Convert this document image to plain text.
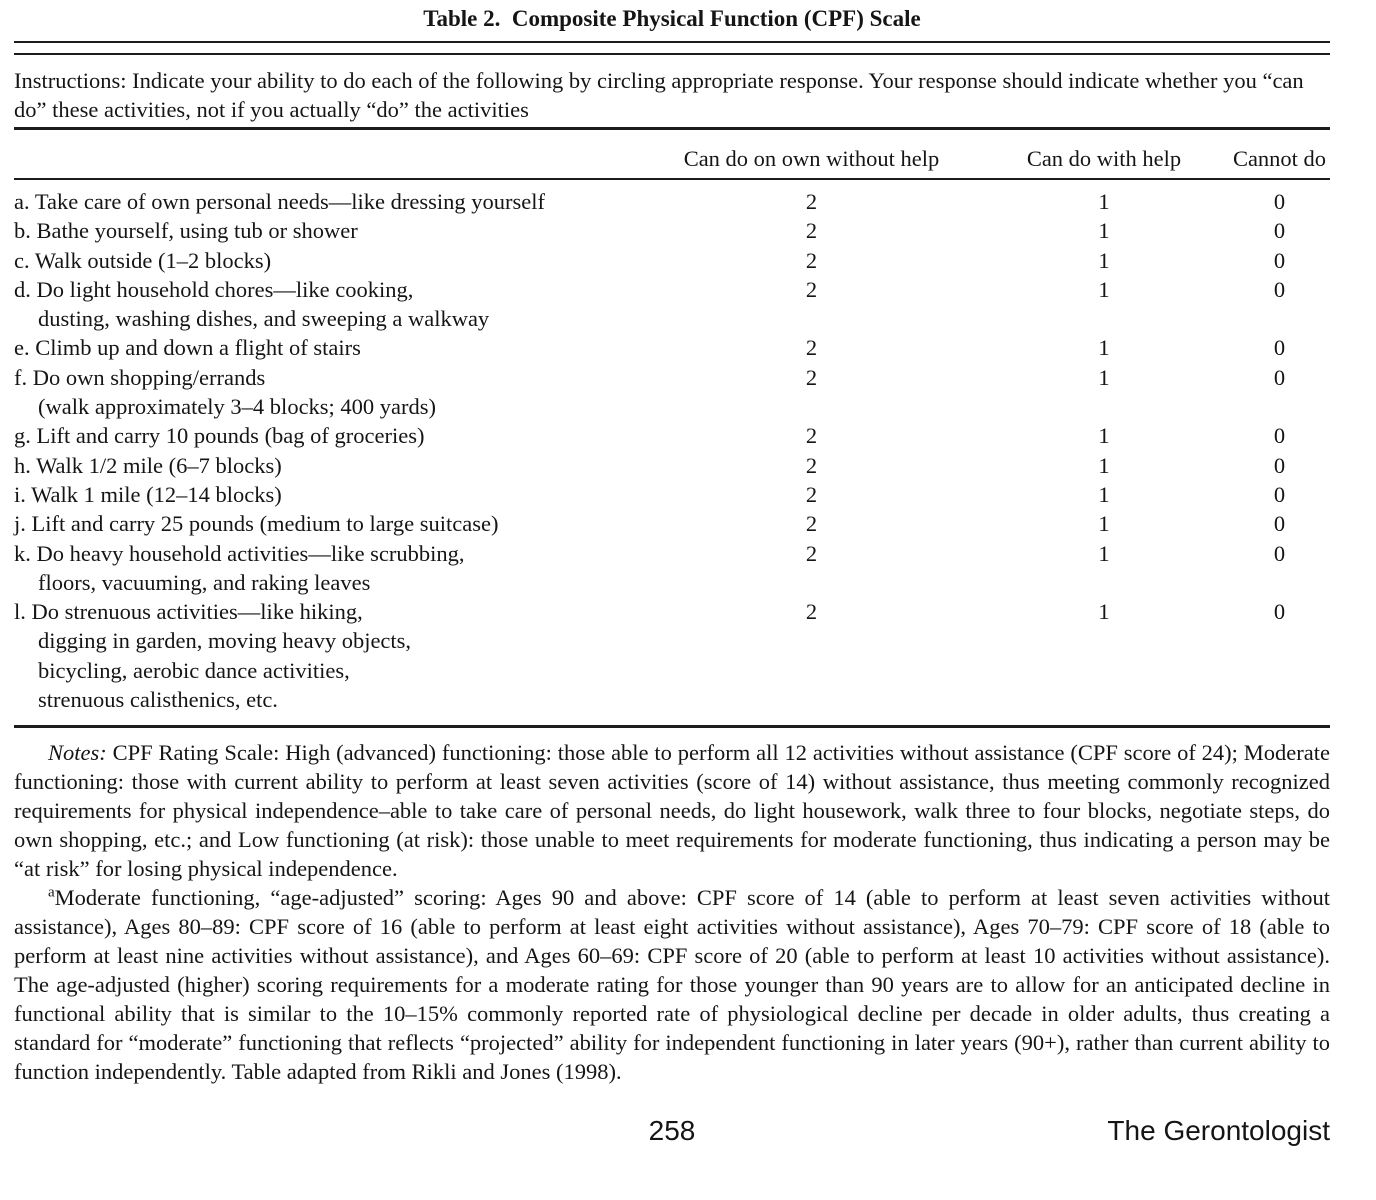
Table 2.  Composite Physical Function (CPF) Scale
Instructions: Indicate your ability to do each of the following by circling appropriate response. Your response should indicate whether you “can do” these activities, not if you actually “do” the activities
Can do on own without help	Can do with help	Cannot do
a. Take care of own personal needs—like dressing yourself	2	1	0
b. Bathe yourself, using tub or shower	2	1	0
c. Walk outside (1–2 blocks)	2	1	0
d. Do light household chores—like cooking,
dusting, washing dishes, and sweeping a walkway
2	1	0
e. Climb up and down a flight of stairs	2	1	0
f. Do own shopping/errands
(walk approximately 3–4 blocks; 400 yards)
2	1	0
g. Lift and carry 10 pounds (bag of groceries)	2	1	0
h. Walk 1/2 mile (6–7 blocks)	2	1	0
i. Walk 1 mile (12–14 blocks)	2	1	0
j. Lift and carry 25 pounds (medium to large suitcase)	2	1	0
k. Do heavy household activities—like scrubbing,
floors, vacuuming, and raking leaves
2	1	0
l. Do strenuous activities—like hiking,
digging in garden, moving heavy objects,
bicycling, aerobic dance activities,
strenuous calisthenics, etc.
2	1	0

Notes: CPF Rating Scale: High (advanced) functioning: those able to perform all 12 activities without assistance (CPF score of 24); Moderate functioning: those with current ability to perform at least seven activities (score of 14) without assistance, thus meeting commonly recognized requirements for physical independence–able to take care of personal needs, do light housework, walk three to four blocks, negotiate steps, do own shopping, etc.; and Low functioning (at risk): those unable to meet requirements for moderate functioning, thus indicating a person may be “at risk” for losing physical independence.

$^a$Moderate functioning, “age-adjusted” scoring: Ages 90 and above: CPF score of 14 (able to perform at least seven activities without assistance), Ages 80–89: CPF score of 16 (able to perform at least eight activities without assistance), Ages 70–79: CPF score of 18 (able to perform at least nine activities without assistance), and Ages 60–69: CPF score of 20 (able to perform at least 10 activities without assistance). The age-adjusted (higher) scoring requirements for a moderate rating for those younger than 90 years are to allow for an anticipated decline in functional ability that is similar to the 10–15% commonly reported rate of physiological decline per decade in older adults, thus creating a standard for “moderate” functioning that reflects “projected” ability for independent functioning in later years (90+), rather than current ability to function independently. Table adapted from Rikli and Jones (1998).

258	The Gerontologist
